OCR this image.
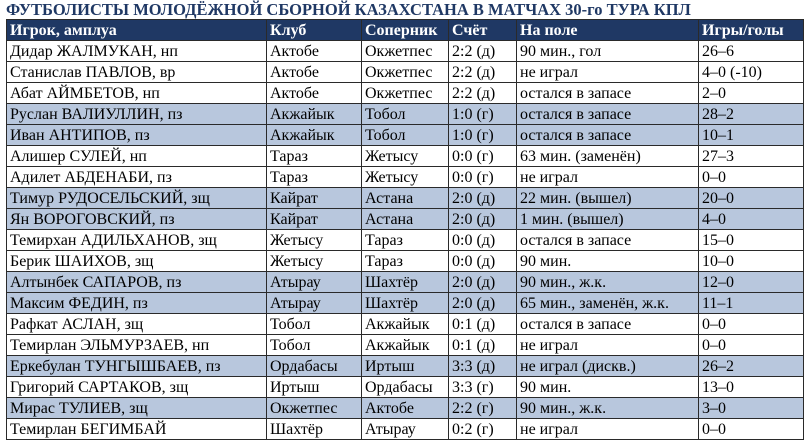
ФУТБОЛИСТЫ МОЛОДЁЖНОЙ СБОРНОЙ КАЗАХСТАНА В МАТЧАХ 30-го ТУРА КПЛ
Игрок, амплуа	Клуб	Соперник	Счёт	На поле	Игры/голы
Дидар ЖАЛМУКАН, нп	Актобе	Окжетпес	2:2 (д)	90 мин., гол	26–6
Станислав ПАВЛОВ, вр	Актобе	Окжетпес	2:2 (д)	не играл	4–0 (-10)
Абат АЙМБЕТОВ, нп	Актобе	Окжетпес	2:2 (д)	остался в запасе	2–0
Руслан ВАЛИУЛЛИН, пз	Акжайык	Тобол	1:0 (г)	остался в запасе	28–2
Иван АНТИПОВ, пз	Акжайык	Тобол	1:0 (г)	остался в запасе	10–1
Алишер СУЛЕЙ, нп	Тараз	Жетысу	0:0 (г)	63 мин. (заменён)	27–3
Адилет АБДЕНАБИ, пз	Тараз	Жетысу	0:0 (г)	не играл	0–0
Тимур РУДОСЕЛЬСКИЙ, зщ	Кайрат	Астана	2:0 (д)	22 мин. (вышел)	20–0
Ян ВОРОГОВСКИЙ, пз	Кайрат	Астана	2:0 (д)	1 мин. (вышел)	4–0
Темирхан АДИЛЬХАНОВ, зщ	Жетысу	Тараз	0:0 (д)	остался в запасе	15–0
Берик ШАИХОВ, зщ	Жетысу	Тараз	0:0 (д)	90 мин.	10–0
Алтынбек САПАРОВ, пз	Атырау	Шахтёр	2:0 (д)	90 мин., ж.к.	12–0
Максим ФЕДИН, пз	Атырау	Шахтёр	2:0 (д)	65 мин., заменён, ж.к.	11–1
Рафкат АСЛАН, зщ	Тобол	Акжайык	0:1 (д)	остался в запасе	0–0
Темирлан ЭЛЬМУРЗАЕВ, нп	Тобол	Акжайык	0:1 (д)	не играл	0–0
Еркебулан ТУНГЫШБАЕВ, пз	Ордабасы	Иртыш	3:3 (д)	не играл (дискв.)	26–2
Григорий САРТАКОВ, зщ	Иртыш	Ордабасы	3:3 (г)	90 мин.	13–0
Мирас ТУЛИЕВ, зщ	Окжетпес	Актобе	2:2 (г)	90 мин., ж.к.	3–0
Темирлан БЕГИМБАЙ	Шахтёр	Атырау	0:2 (г)	не играл	0–0
